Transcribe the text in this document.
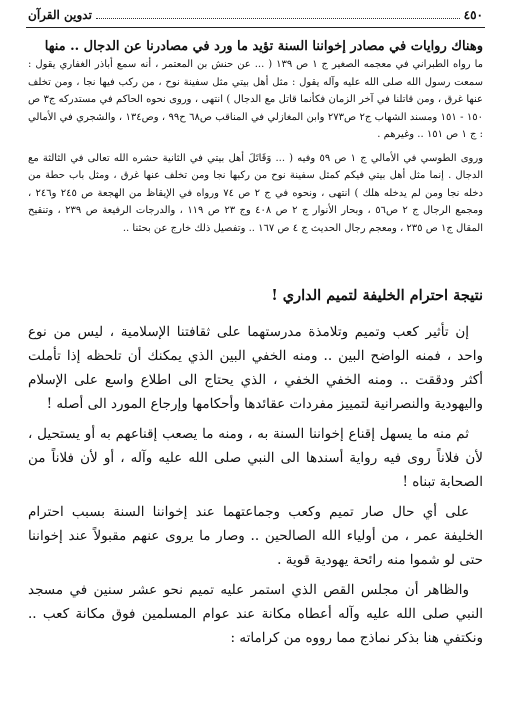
تدوين القرآن	٤٥٠

وهناك روايات في مصادر إخواننا السنة تؤيد ما ورد في مصادرنا عن الدجال .. منها

ما رواه الطبراني في معجمه الصغير ج ١ ص ١٣٩ ( ... عن حنش بن المعتمر ، أنه سمع أباذر الغفاري يقول : سمعت رسول الله صلى الله عليه وآله يقول : مثل أهل بيتي مثل سفينة نوح ، من ركب فيها نجا ، ومن تخلف عنها غرق ، ومن قاتلنا في آخر الزمان فكأنما قاتل مع الدجال ) انتهى ، وروى نحوه الحاكم في مستدركه ج٣ ص ١٥٠ - ١٥١ ومسند الشهاب ج٢ ص٢٧٣ وابن المغازلي في المناقب ص٦٨ ح٩٩ ، وص١٣٤ ، والشجري في الأمالي : ج ١ ص ١٥١ .. وغيرهم .

وروى الطوسي في الأمالي ج ١ ص ٥٩ وفيه ( ... وَقَاتَلَ أهل بيتي في الثانية حشره الله تعالى في الثالثة مع الدجال . إنما مثل أهل بيتي فيكم كمثل سفينة نوح من ركبها نجا ومن تخلف عنها غرق ، ومثل باب حطة من دخله نجا ومن لم يدخله هلك ) انتهى ، ونحوه في ج ٢ ص ٧٤ ورواه في الإيقاظ من الهجعة ص ٢٤٥ و٢٤٦ ، ومجمع الرجال ج ٢ ص٥٦ ، وبحار الأنوار ج ٢ ص ٤٠٨ وج ٢٣ ص ١١٩ ، والدرجات الرفيعة ص ٢٣٩ ، وتنقيح المقال ج١ ص ٢٣٥ ، ومعجم رجال الحديث ج ٤ ص ١٦٧ .. وتفصيل ذلك خارج عن بحثنا ..

نتيجة احترام الخليفة لتميم الداري !

إن تأثير كعب وتميم وتلامذة مدرستهما على ثقافتنا الإسلامية ، ليس من نوع واحد ، فمنه الواضح البين .. ومنه الخفي البين الذي يمكنك أن تلحظه إذا تأملت أكثر ودققت .. ومنه الخفي الخفي ، الذي يحتاج الى اطلاع واسع على الإسلام واليهودية والنصرانية لتمييز مفردات عقائدها وأحكامها وإرجاع المورد الى أصله !

ثم منه ما يسهل إقناع إخواننا السنة به ، ومنه ما يصعب إقناعهم به أو يستحيل ، لأن فلاناً روى فيه رواية أسندها الى النبي صلى الله عليه وآله ، أو لأن فلاناً من الصحابة تبناه !

على أي حال صار تميم وكعب وجماعتهما عند إخواننا السنة بسبب احترام الخليفة عمر ، من أولياء الله الصالحين .. وصار ما يروى عنهم مقبولاً عند إخواننا حتى لو شموا منه رائحة يهودية قوية .

والظاهر أن مجلس القص الذي استمر عليه تميم نحو عشر سنين في مسجد النبي صلى الله عليه وآله أعطاه مكانة عند عوام المسلمين فوق مكانة كعب .. ونكتفي هنا بذكر نماذج مما رووه من كراماته :
